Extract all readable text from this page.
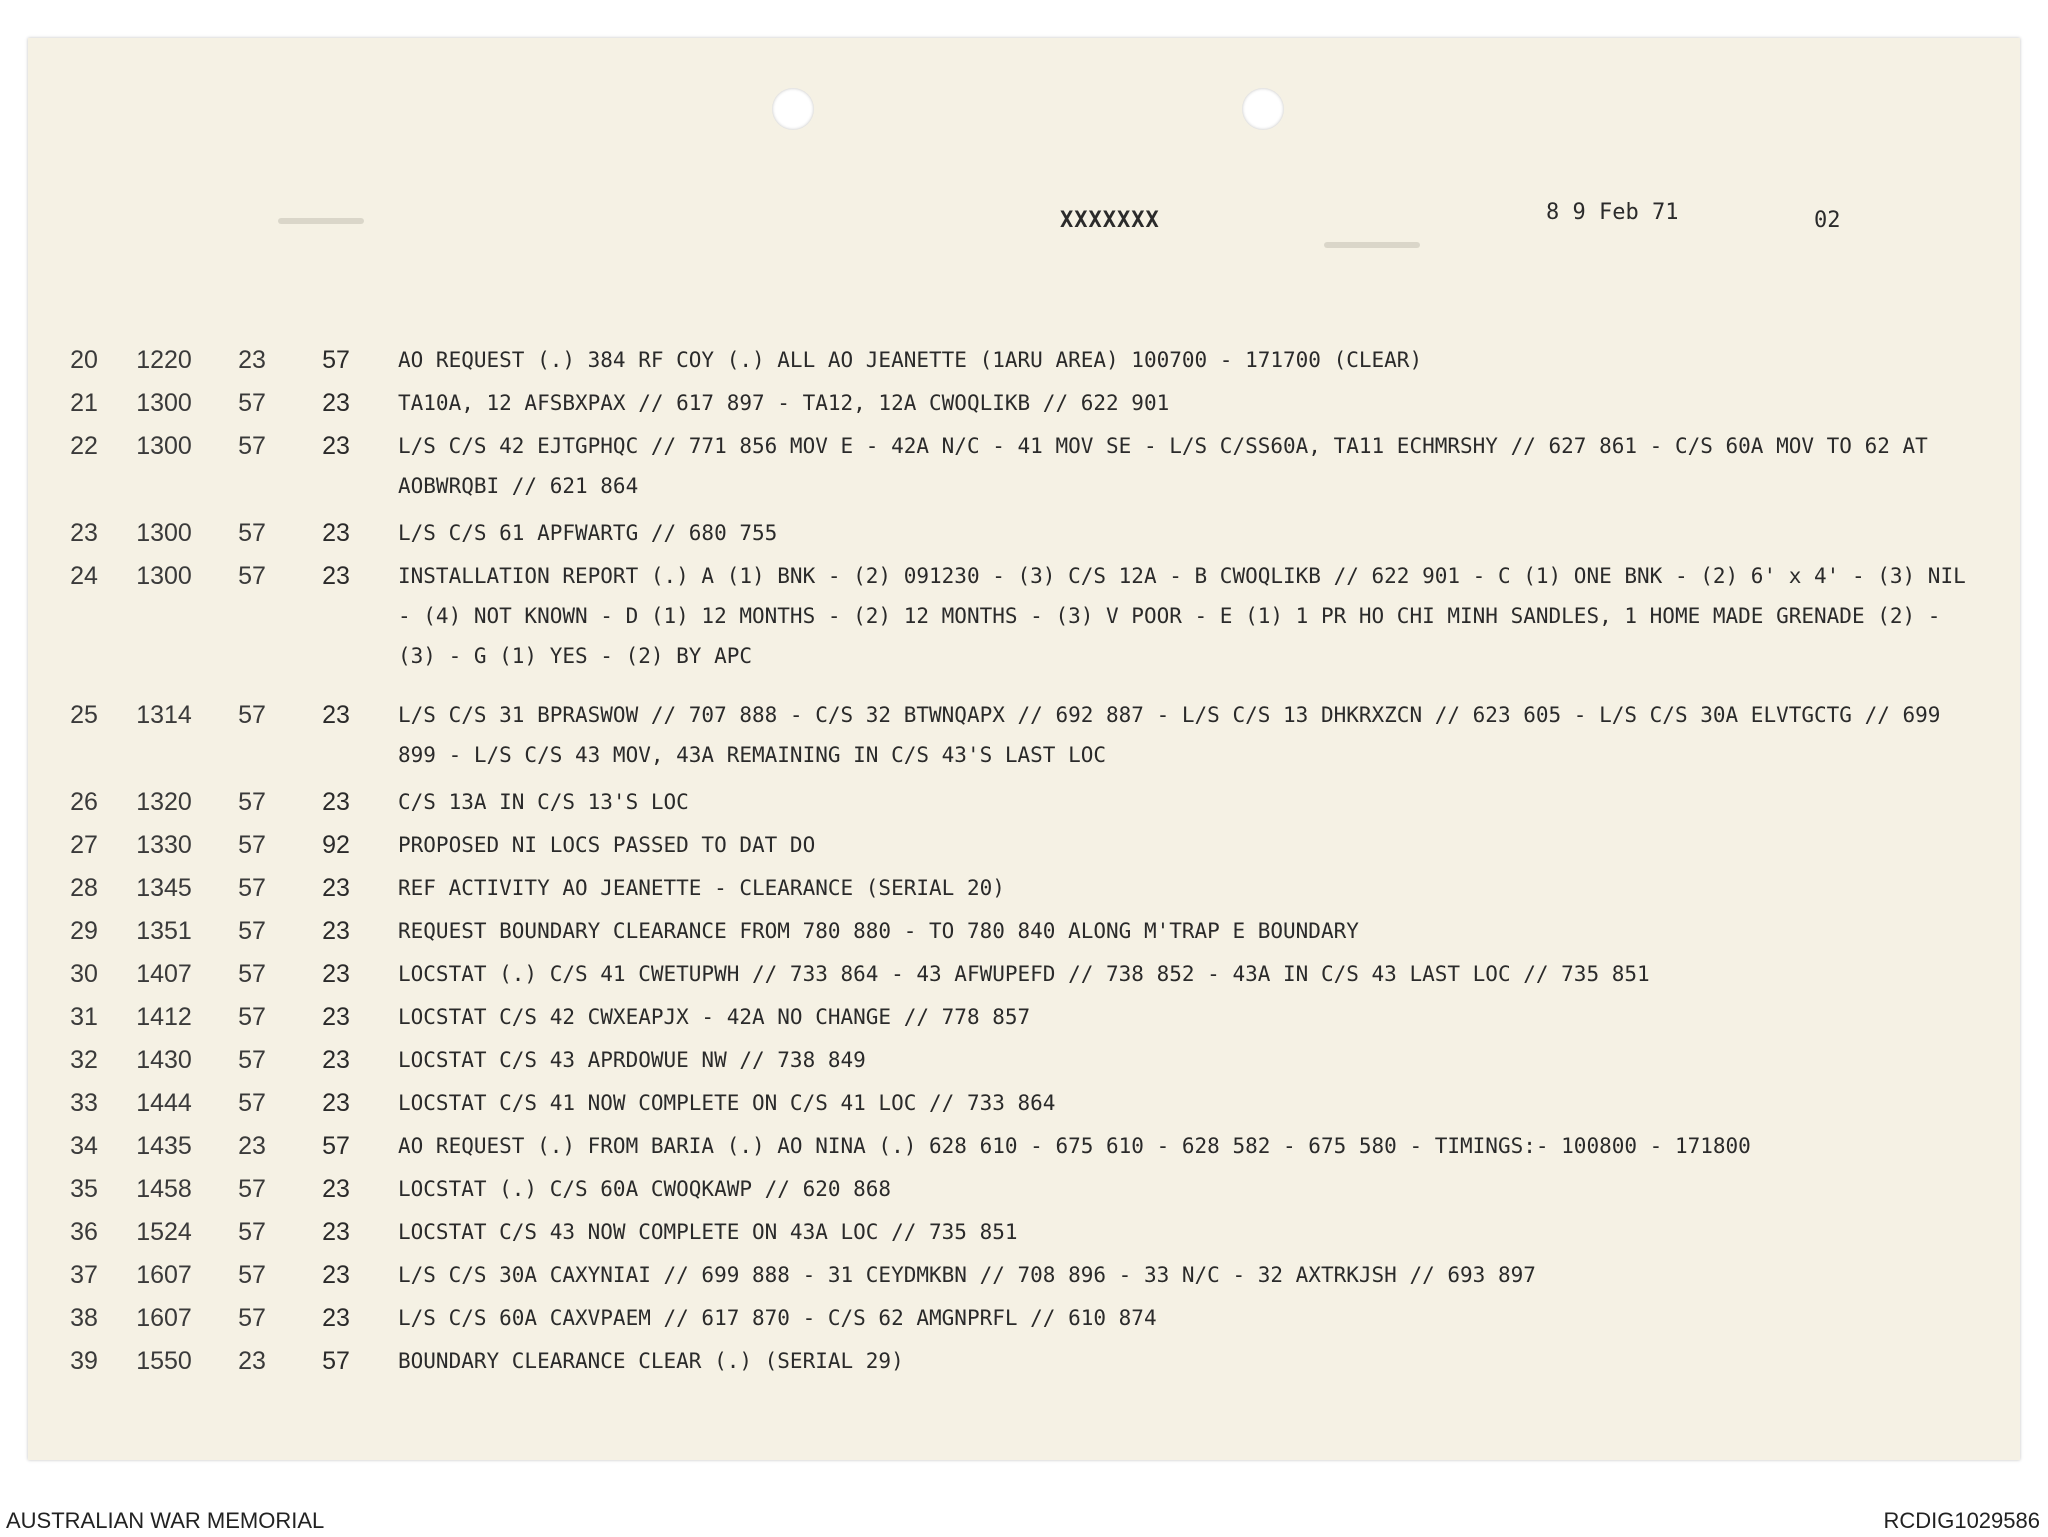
XXXXXXX	8 9 Feb 71	02
20	1220	23	57	AO REQUEST (.) 384 RF COY (.) ALL AO JEANETTE (1ARU AREA) 100700 - 171700 (CLEAR)
21	1300	57	23	TA10A, 12 AFSBXPAX // 617 897 - TA12, 12A CWOQLIKB // 622 901
22	1300	57	23	L/S C/S 42 EJTGPHQC // 771 856 MOV E - 42A N/C - 41 MOV SE - L/S C/SS60A, TA11 ECHMRSHY // 627 861 - C/S 60A MOV TO 62 AT AOBWRQBI // 621 864
23	1300	57	23	L/S C/S 61 APFWARTG // 680 755
24	1300	57	23	INSTALLATION REPORT (.) A (1) BNK - (2) 091230 - (3) C/S 12A - B CWOQLIKB // 622 901 - C (1) ONE BNK - (2) 6' x 4' - (3) NIL - (4) NOT KNOWN - D (1) 12 MONTHS - (2) 12 MONTHS - (3) V POOR - E (1) 1 PR HO CHI MINH SANDLES, 1 HOME MADE GRENADE (2) - (3) - G (1) YES - (2) BY APC
25	1314	57	23	L/S C/S 31 BPRASWOW // 707 888 - C/S 32 BTWNQAPX // 692 887 - L/S C/S 13 DHKRXZCN // 623 605 - L/S C/S 30A ELVTGCTG // 699 899 - L/S C/S 43 MOV, 43A REMAINING IN C/S 43'S LAST LOC
26	1320	57	23	C/S 13A IN C/S 13'S LOC
27	1330	57	92	PROPOSED NI LOCS PASSED TO DAT DO
28	1345	57	23	REF ACTIVITY AO JEANETTE - CLEARANCE (SERIAL 20)
29	1351	57	23	REQUEST BOUNDARY CLEARANCE FROM 780 880 - TO 780 840 ALONG M'TRAP E BOUNDARY
30	1407	57	23	LOCSTAT (.) C/S 41 CWETUPWH // 733 864 - 43 AFWUPEFD // 738 852 - 43A IN C/S 43 LAST LOC // 735 851
31	1412	57	23	LOCSTAT C/S 42 CWXEAPJX - 42A NO CHANGE // 778 857
32	1430	57	23	LOCSTAT C/S 43 APRDOWUE NW // 738 849
33	1444	57	23	LOCSTAT C/S 41 NOW COMPLETE ON C/S 41 LOC // 733 864
34	1435	23	57	AO REQUEST (.) FROM BARIA (.) AO NINA (.) 628 610 - 675 610 - 628 582 - 675 580 - TIMINGS:- 100800 - 171800
35	1458	57	23	LOCSTAT (.) C/S 60A CWOQKAWP // 620 868
36	1524	57	23	LOCSTAT C/S 43 NOW COMPLETE ON 43A LOC // 735 851
37	1607	57	23	L/S C/S 30A CAXYNIAI // 699 888 - 31 CEYDMKBN // 708 896 - 33 N/C - 32 AXTRKJSH // 693 897
38	1607	57	23	L/S C/S 60A CAXVPAEM // 617 870 - C/S 62 AMGNPRFL // 610 874
39	1550	23	57	BOUNDARY CLEARANCE CLEAR (.) (SERIAL 29)
AUSTRALIAN WAR MEMORIAL	RCDIG1029586
